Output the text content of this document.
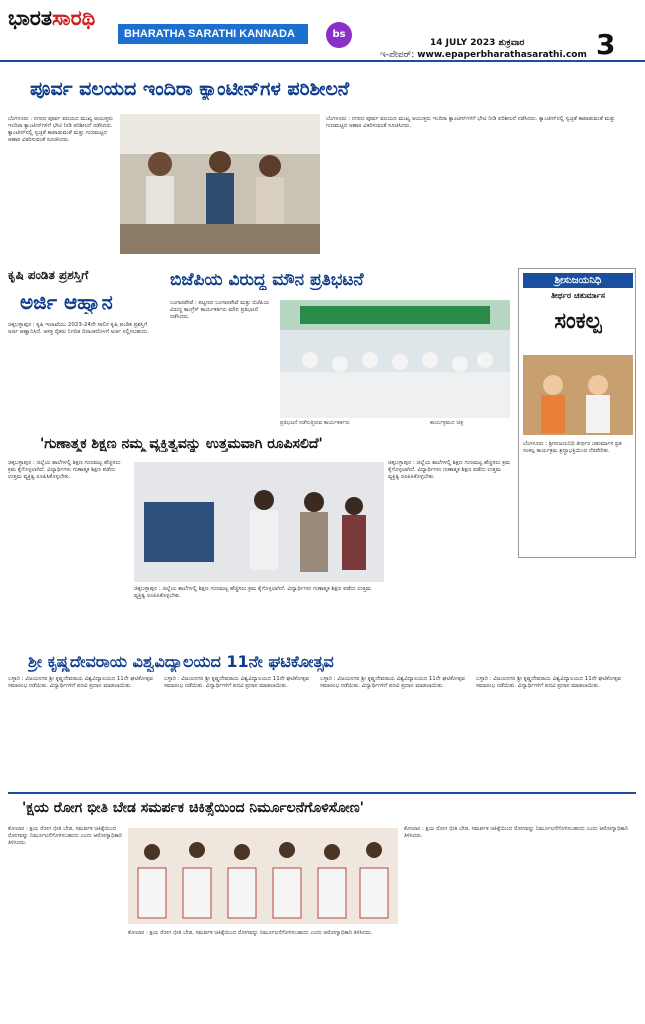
ಭಾರತಸಾರಥಿ
BHARATHA SARATHI KANNADA DAILY
bs
14 JULY 2023 ಶುಕ್ರವಾರ	3
ಇ-ಪೇಪರ್: www.epaperbharathasarathi.com
ಪೂರ್ವ ವಲಯದ ಇಂದಿರಾ ಕ್ಯಾಂಟೀನ್‌ಗಳ ಪರಿಶೀಲನೆ
ಬೆಂಗಳೂರು : ನಗರದ ಪೂರ್ವ ವಲಯದ ಮುಖ್ಯ ಆಯುಕ್ತರು ಇಂದಿರಾ ಕ್ಯಾಂಟೀನ್‌ಗಳಿಗೆ ಭೇಟಿ ನೀಡಿ ಪರಿಶೀಲನೆ ನಡೆಸಿದರು. ಕ್ಯಾಂಟೀನ್‌ನಲ್ಲಿ ಸ್ವಚ್ಛತೆ ಕಾಪಾಡುವಂತೆ ಮತ್ತು ಗುಣಮಟ್ಟದ ಆಹಾರ ವಿತರಿಸುವಂತೆ ಸೂಚಿಸಿದರು.
ಬೆಂಗಳೂರು : ನಗರದ ಪೂರ್ವ ವಲಯದ ಮುಖ್ಯ ಆಯುಕ್ತರು ಇಂದಿರಾ ಕ್ಯಾಂಟೀನ್‌ಗಳಿಗೆ ಭೇಟಿ ನೀಡಿ ಪರಿಶೀಲನೆ ನಡೆಸಿದರು. ಕ್ಯಾಂಟೀನ್‌ನಲ್ಲಿ ಸ್ವಚ್ಛತೆ ಕಾಪಾಡುವಂತೆ ಮತ್ತು ಗುಣಮಟ್ಟದ ಆಹಾರ ವಿತರಿಸುವಂತೆ ಸೂಚಿಸಿದರು.
ಕೃಷಿ ಪಂಡಿತ ಪ್ರಶಸ್ತಿಗೆ
ಅರ್ಜಿ ಆಹ್ವಾನ
ಚಿಕ್ಕಬಳ್ಳಾಪುರ : ಕೃಷಿ ಇಲಾಖೆಯು 2023-24ನೇ ಸಾಲಿನ ಕೃಷಿ ಪಂಡಿತ ಪ್ರಶಸ್ತಿಗೆ ಅರ್ಜಿ ಆಹ್ವಾನಿಸಿದೆ. ಆಸಕ್ತ ರೈತರು ನಿಗದಿತ ದಿನಾಂಕದೊಳಗೆ ಅರ್ಜಿ ಸಲ್ಲಿಸಬಹುದು.
ಬಿಜೆಪಿಯ ವಿರುದ್ಧ ಮೌನ ಪ್ರತಿಭಟನೆ
ಬಂಗಾರಪೇಟೆ : ಪಟ್ಟಣದ ಬಂಗಾರಪೇಟೆ ಮತ್ತು ಬಿಜೆಪಿಯ ವಿರುದ್ಧ ಕಾಂಗ್ರೆಸ್ ಕಾರ್ಯಕರ್ತರು ಮೌನ ಪ್ರತಿಭಟನೆ ನಡೆಸಿದರು.
ಪ್ರತಿಭಟನೆ ನಡೆಸುತ್ತಿರುವ ಕಾರ್ಯಕರ್ತರು	ಕಾರ್ಯಕ್ರಮದ ಚಿತ್ರ
ಶ್ರೀಸುಜಯನಿಧಿ
ತೀರ್ಥರ ಚತುರ್ಮಾಸ
ಸಂಕಲ್ಪ
ಬೆಂಗಳೂರು : ಶ್ರೀಸುಜಯನಿಧಿ ತೀರ್ಥರ ಚತುರ್ಮಾಸ ವ್ರತ ಸಂಕಲ್ಪ ಕಾರ್ಯಕ್ರಮ ಶ್ರದ್ಧಾಭಕ್ತಿಯಿಂದ ನೆರವೇರಿತು.
'ಗುಣಾತ್ಮಕ ಶಿಕ್ಷಣ ನಮ್ಮ ವ್ಯಕ್ತಿತ್ವವನ್ನು ಉತ್ತಮವಾಗಿ ರೂಪಿಸಲಿದೆ'
ಚಿಕ್ಕಬಳ್ಳಾಪುರ : ಜಿಲ್ಲೆಯ ಶಾಲೆಗಳಲ್ಲಿ ಶಿಕ್ಷಣ ಗುಣಮಟ್ಟ ಹೆಚ್ಚಿಸಲು ಕ್ರಮ ಕೈಗೊಳ್ಳಲಾಗಿದೆ. ವಿದ್ಯಾರ್ಥಿಗಳು ಗುಣಾತ್ಮಕ ಶಿಕ್ಷಣ ಪಡೆದು ಉತ್ತಮ ವ್ಯಕ್ತಿತ್ವ ರೂಪಿಸಿಕೊಳ್ಳಬೇಕು.
ಚಿಕ್ಕಬಳ್ಳಾಪುರ : ಜಿಲ್ಲೆಯ ಶಾಲೆಗಳಲ್ಲಿ ಶಿಕ್ಷಣ ಗುಣಮಟ್ಟ ಹೆಚ್ಚಿಸಲು ಕ್ರಮ ಕೈಗೊಳ್ಳಲಾಗಿದೆ. ವಿದ್ಯಾರ್ಥಿಗಳು ಗುಣಾತ್ಮಕ ಶಿಕ್ಷಣ ಪಡೆದು ಉತ್ತಮ ವ್ಯಕ್ತಿತ್ವ ರೂಪಿಸಿಕೊಳ್ಳಬೇಕು.
ಚಿಕ್ಕಬಳ್ಳಾಪುರ : ಜಿಲ್ಲೆಯ ಶಾಲೆಗಳಲ್ಲಿ ಶಿಕ್ಷಣ ಗುಣಮಟ್ಟ ಹೆಚ್ಚಿಸಲು ಕ್ರಮ ಕೈಗೊಳ್ಳಲಾಗಿದೆ. ವಿದ್ಯಾರ್ಥಿಗಳು ಗುಣಾತ್ಮಕ ಶಿಕ್ಷಣ ಪಡೆದು ಉತ್ತಮ ವ್ಯಕ್ತಿತ್ವ ರೂಪಿಸಿಕೊಳ್ಳಬೇಕು.
ಶ್ರೀ ಕೃಷ್ಣದೇವರಾಯ ವಿಶ್ವವಿದ್ಯಾಲಯದ 11ನೇ ಘಟಿಕೋತ್ಸವ
ಬಳ್ಳಾರಿ : ವಿಜಯನಗರ ಶ್ರೀ ಕೃಷ್ಣದೇವರಾಯ ವಿಶ್ವವಿದ್ಯಾಲಯದ 11ನೇ ಘಟಿಕೋತ್ಸವ ಸಮಾರಂಭ ನಡೆಯಿತು. ವಿದ್ಯಾರ್ಥಿಗಳಿಗೆ ಪದವಿ ಪ್ರದಾನ ಮಾಡಲಾಯಿತು.
ಬಳ್ಳಾರಿ : ವಿಜಯನಗರ ಶ್ರೀ ಕೃಷ್ಣದೇವರಾಯ ವಿಶ್ವವಿದ್ಯಾಲಯದ 11ನೇ ಘಟಿಕೋತ್ಸವ ಸಮಾರಂಭ ನಡೆಯಿತು. ವಿದ್ಯಾರ್ಥಿಗಳಿಗೆ ಪದವಿ ಪ್ರದಾನ ಮಾಡಲಾಯಿತು.
ಬಳ್ಳಾರಿ : ವಿಜಯನಗರ ಶ್ರೀ ಕೃಷ್ಣದೇವರಾಯ ವಿಶ್ವವಿದ್ಯಾಲಯದ 11ನೇ ಘಟಿಕೋತ್ಸವ ಸಮಾರಂಭ ನಡೆಯಿತು. ವಿದ್ಯಾರ್ಥಿಗಳಿಗೆ ಪದವಿ ಪ್ರದಾನ ಮಾಡಲಾಯಿತು.
ಬಳ್ಳಾರಿ : ವಿಜಯನಗರ ಶ್ರೀ ಕೃಷ್ಣದೇವರಾಯ ವಿಶ್ವವಿದ್ಯಾಲಯದ 11ನೇ ಘಟಿಕೋತ್ಸವ ಸಮಾರಂಭ ನಡೆಯಿತು. ವಿದ್ಯಾರ್ಥಿಗಳಿಗೆ ಪದವಿ ಪ್ರದಾನ ಮಾಡಲಾಯಿತು.
'ಕ್ಷಯ ರೋಗ ಭೀತಿ ಬೇಡ ಸಮರ್ಪಕ ಚಿಕಿತ್ಸೆಯಿಂದ ನಿರ್ಮೂಲನೆಗೊಳಿಸೋಣ'
ಕೋಲಾರ : ಕ್ಷಯ ರೋಗ ಭೀತಿ ಬೇಡ, ಸಮರ್ಪಕ ಚಿಕಿತ್ಸೆಯಿಂದ ರೋಗವನ್ನು ನಿರ್ಮೂಲನೆಗೊಳಿಸಬಹುದು ಎಂದು ಆರೋಗ್ಯಾಧಿಕಾರಿ ತಿಳಿಸಿದರು.
ಕೋಲಾರ : ಕ್ಷಯ ರೋಗ ಭೀತಿ ಬೇಡ, ಸಮರ್ಪಕ ಚಿಕಿತ್ಸೆಯಿಂದ ರೋಗವನ್ನು ನಿರ್ಮೂಲನೆಗೊಳಿಸಬಹುದು ಎಂದು ಆರೋಗ್ಯಾಧಿಕಾರಿ ತಿಳಿಸಿದರು.
ಕೋಲಾರ : ಕ್ಷಯ ರೋಗ ಭೀತಿ ಬೇಡ, ಸಮರ್ಪಕ ಚಿಕಿತ್ಸೆಯಿಂದ ರೋಗವನ್ನು ನಿರ್ಮೂಲನೆಗೊಳಿಸಬಹುದು ಎಂದು ಆರೋಗ್ಯಾಧಿಕಾರಿ ತಿಳಿಸಿದರು.
